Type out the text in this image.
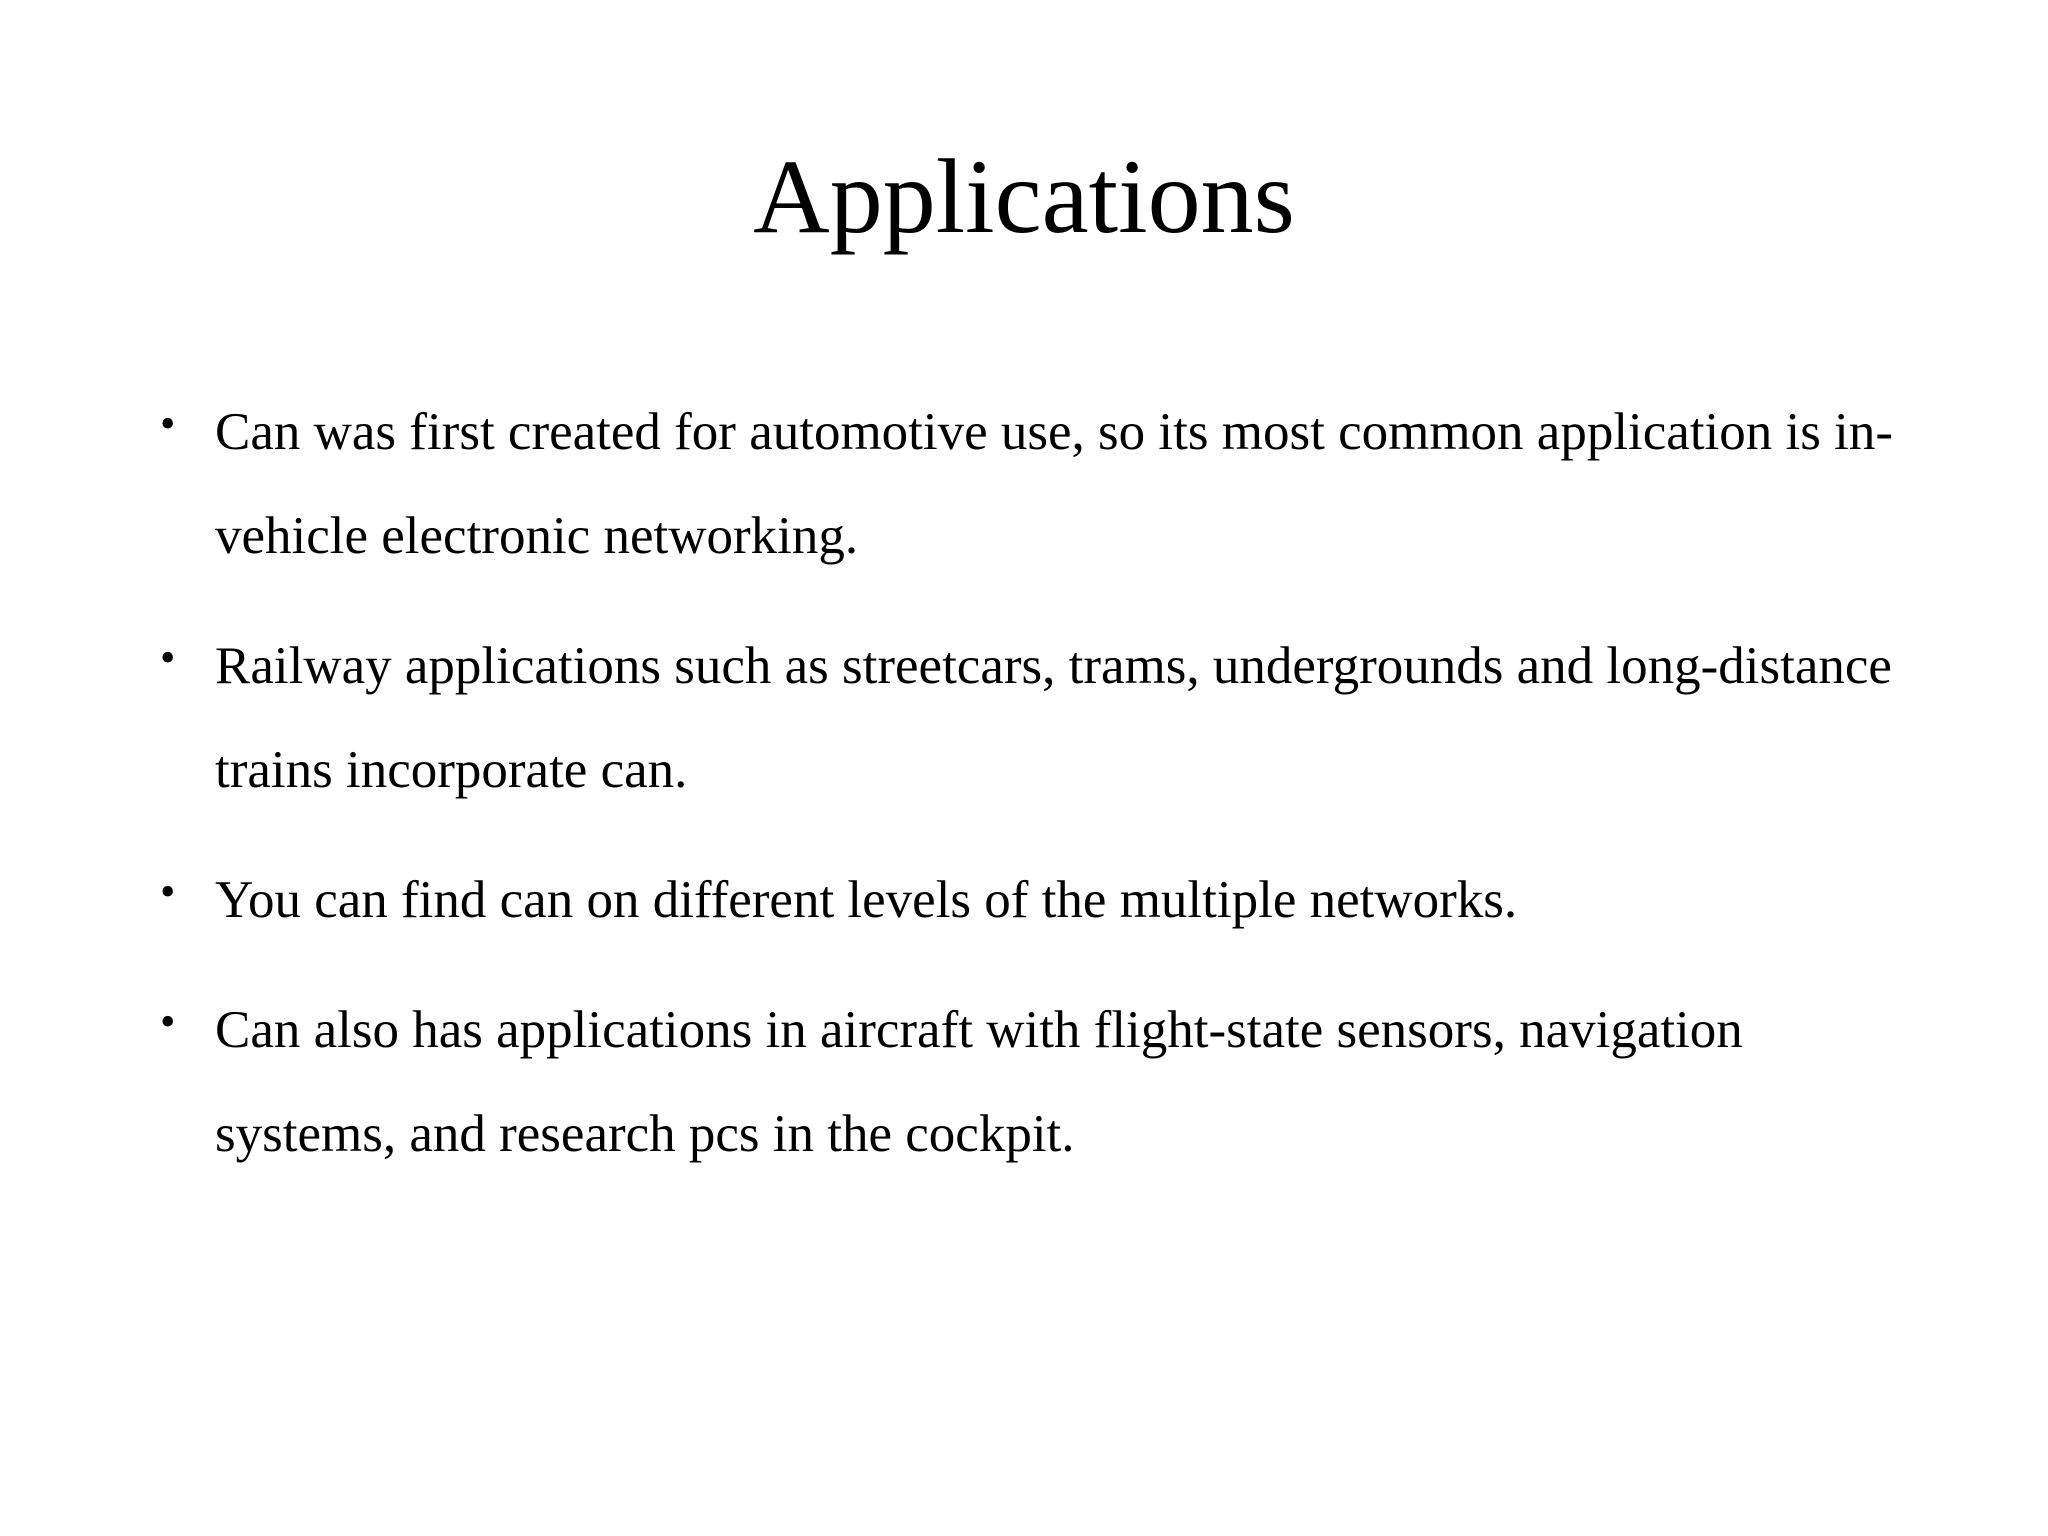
Applications
• Can was first created for automotive use, so its most common application is in-vehicle electronic networking.
• Railway applications such as streetcars, trams, undergrounds and long-distance trains incorporate can.
• You can find can on different levels of the multiple networks.
• Can also has applications in aircraft with flight-state sensors, navigation systems, and research pcs in the cockpit.
